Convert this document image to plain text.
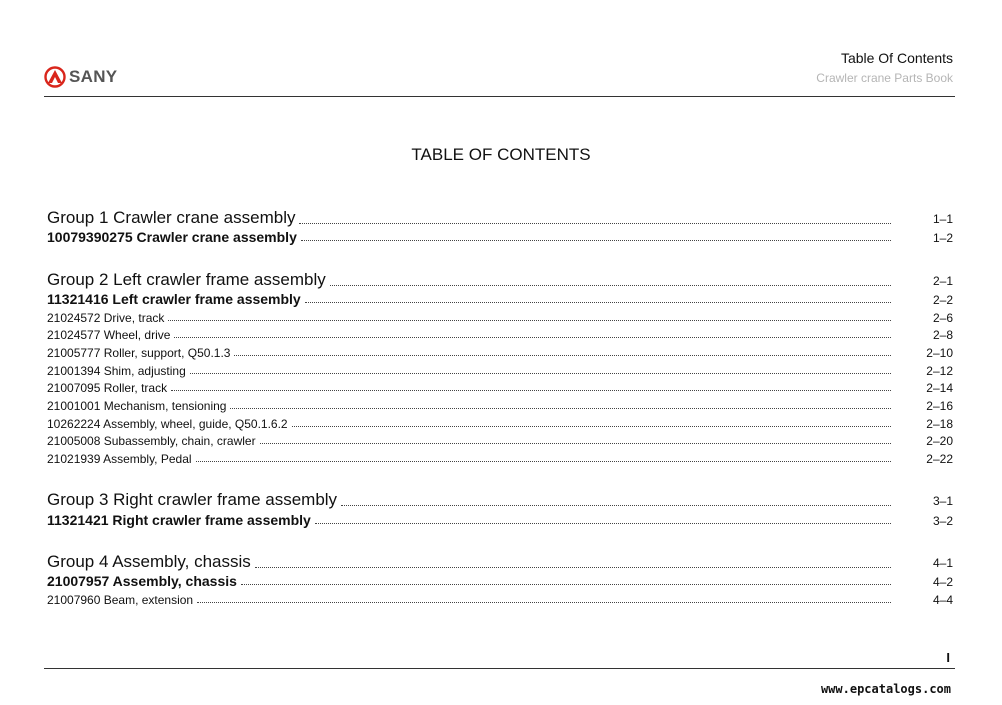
SANY
Table Of Contents
Crawler crane Parts Book
TABLE OF CONTENTS
Group 1 Crawler crane assembly	1–1
10079390275 Crawler crane assembly	1–2
Group 2 Left crawler frame assembly	2–1
11321416 Left crawler frame assembly	2–2
21024572 Drive, track	2–6
21024577 Wheel, drive	2–8
21005777 Roller, support, Q50.1.3	2–10
21001394 Shim, adjusting	2–12
21007095 Roller, track	2–14
21001001 Mechanism, tensioning	2–16
10262224 Assembly, wheel, guide, Q50.1.6.2	2–18
21005008 Subassembly, chain, crawler	2–20
21021939 Assembly, Pedal	2–22
Group 3 Right crawler frame assembly	3–1
11321421 Right crawler frame assembly	3–2
Group 4 Assembly, chassis	4–1
21007957 Assembly, chassis	4–2
21007960 Beam, extension	4–4
I
www.epcatalogs.com
